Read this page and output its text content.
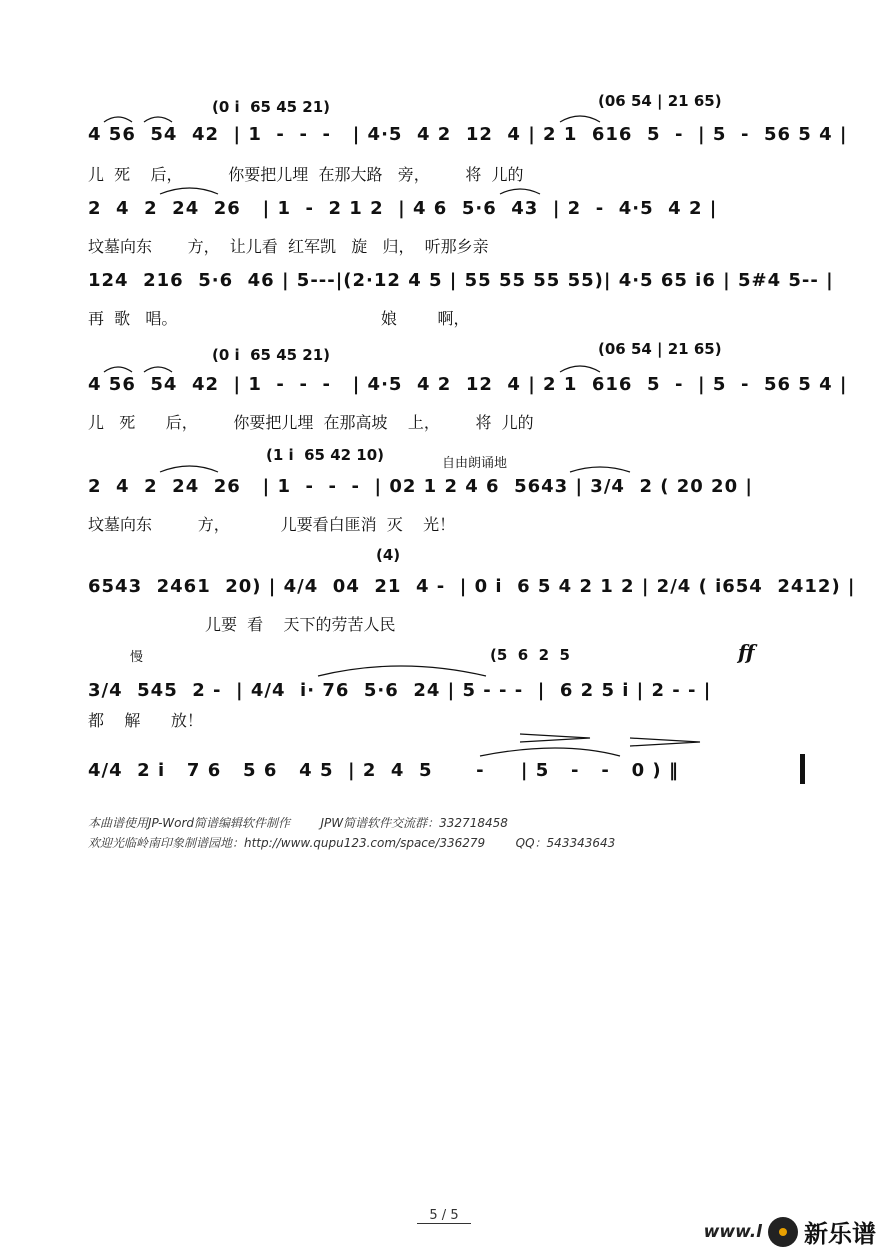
(0 i  65 45 21)	(06 54 | 21 65)
4 56  54  42  | 1  -  -  -   | 4·5  4 2  12  4 | 2 1  616  5  -  | 5  -  56 5 4 |
儿  死    后，         你要把儿埋  在那大路   旁，       将  儿的
2  4  2  24  26   | 1  -  2 1 2  | 4 6  5·6  43  | 2  -  4·5  4 2 |
坟墓向东       方，  让儿看  红军凯   旋   归，  听那乡亲
124  216  5·6  46 | 5---|(2·12 4 5 | 55 55 55 55)| 4·5 65 i6 | 5#4 5-- |
再  歌   唱。                                        娘        啊，
(0 i  65 45 21)	(06 54 | 21 65)
4 56  54  42  | 1  -  -  -   | 4·5  4 2  12  4 | 2 1  616  5  -  | 5  -  56 5 4 |
儿   死      后，       你要把儿埋  在那高坡    上，       将  儿的
(1 i  65 42 10)	自由朗诵地
2  4  2  24  26   | 1  -  -  -  | 02 1 2 4 6  5643 | 3/4  2 ( 20 20 |
坟墓向东         方，          儿要看白匪消  灭    光！
(4)
6543  2461  20) | 4/4  04  21  4 -  | 0 i  6 5 4 2 1 2 | 2/4 ( i654  2412) |
儿要  看    天下的劳苦人民
慢	(5  6  2  5	ff
3/4  545  2 -  | 4/4  i· 76  5·6  24 | 5 - - -  |  6 2 5 i | 2 - - |
都    解      放！
4/4  2 i   7 6   5 6   4 5  | 2  4  5      -     | 5   -   -   0 ) ‖
本曲谱使用JP-Word简谱编辑软件制作        JPW简谱软件交流群：332718458
欢迎光临岭南印象制谱园地：http://www.qupu123.com/space/336279        QQ：543343643
5 / 5
www.l 新乐谱
